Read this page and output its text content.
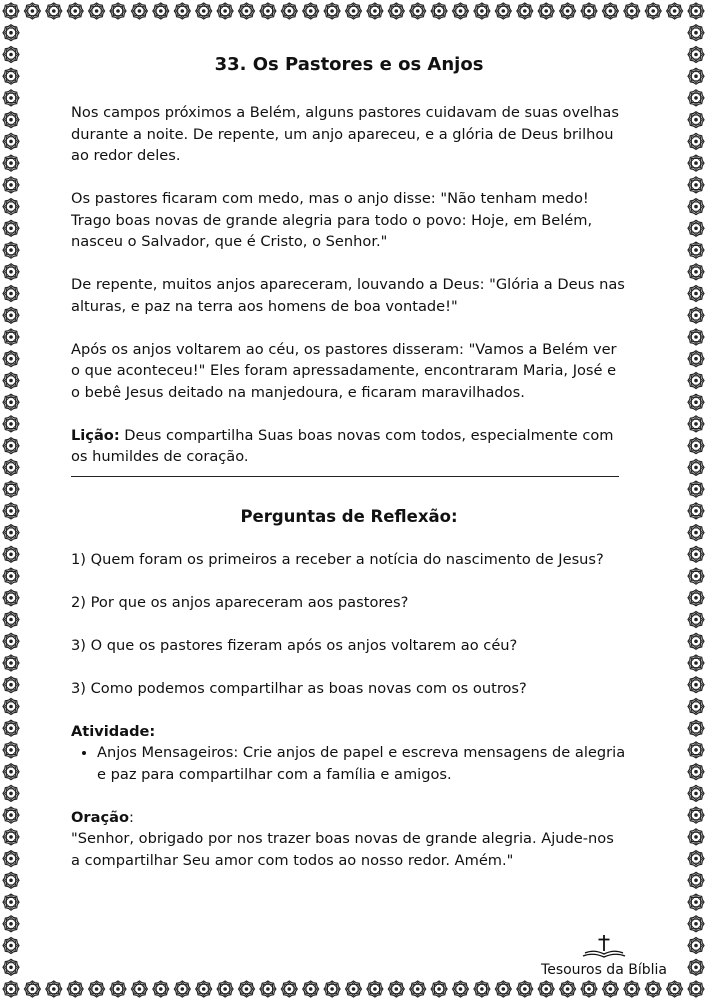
33. Os Pastores e os Anjos

Nos campos próximos a Belém, alguns pastores cuidavam de suas ovelhas durante a noite. De repente, um anjo apareceu, e a glória de Deus brilhou ao redor deles.

Os pastores ficaram com medo, mas o anjo disse: "Não tenham medo! Trago boas novas de grande alegria para todo o povo: Hoje, em Belém, nasceu o Salvador, que é Cristo, o Senhor."

De repente, muitos anjos apareceram, louvando a Deus: "Glória a Deus nas alturas, e paz na terra aos homens de boa vontade!"

Após os anjos voltarem ao céu, os pastores disseram: "Vamos a Belém ver o que aconteceu!" Eles foram apressadamente, encontraram Maria, José e o bebê Jesus deitado na manjedoura, e ficaram maravilhados.

Lição: Deus compartilha Suas boas novas com todos, especialmente com os humildes de coração.

Perguntas de Reflexão:

1) Quem foram os primeiros a receber a notícia do nascimento de Jesus?

2) Por que os anjos apareceram aos pastores?

3) O que os pastores fizeram após os anjos voltarem ao céu?

3) Como podemos compartilhar as boas novas com os outros?

Atividade:

• Anjos Mensageiros: Crie anjos de papel e escreva mensagens de alegria e paz para compartilhar com a família e amigos.

Oração:

"Senhor, obrigado por nos trazer boas novas de grande alegria. Ajude-nos a compartilhar Seu amor com todos ao nosso redor. Amém."

Tesouros da Bíblia
